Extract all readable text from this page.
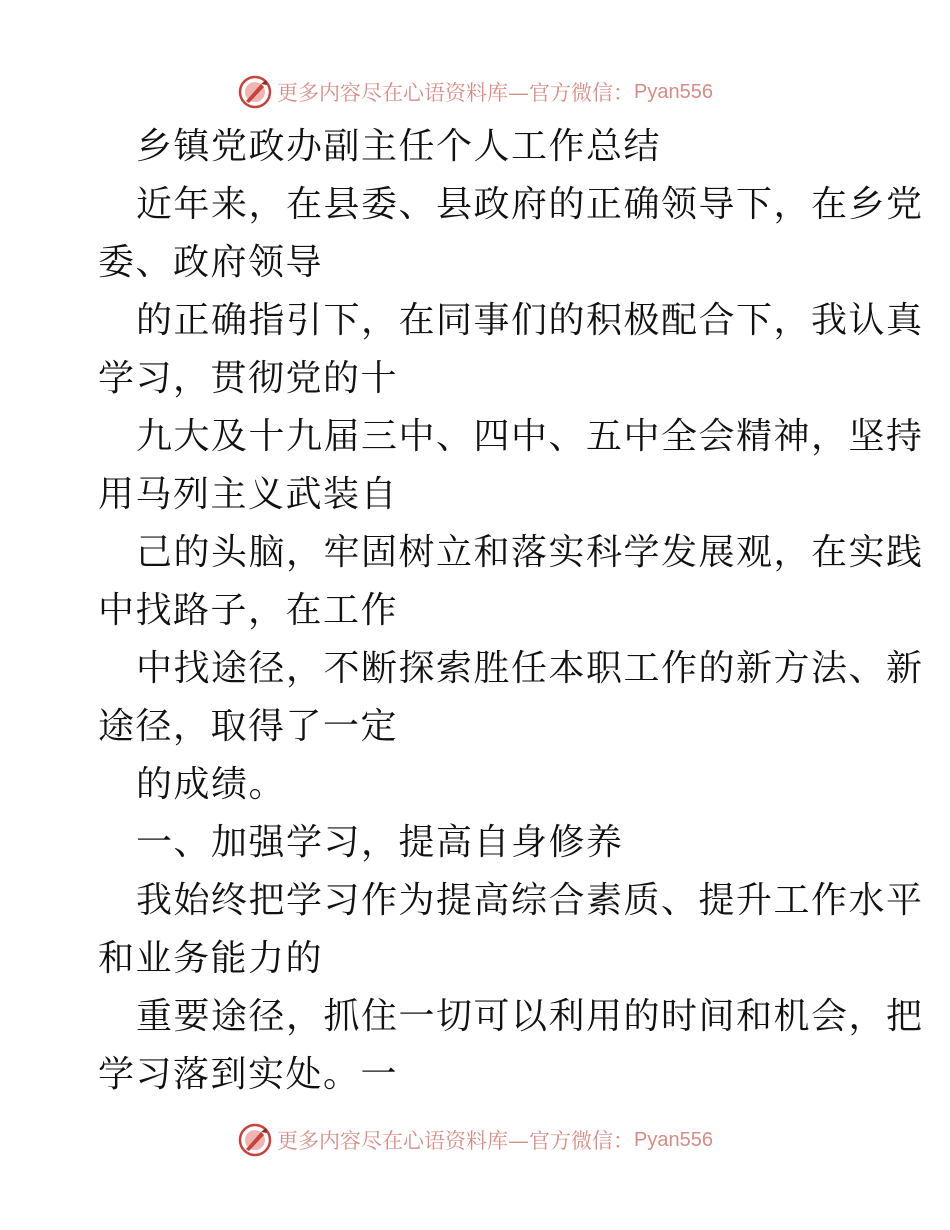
更多内容尽在心语资料库—官方微信： Pyan556
乡镇党政办副主任个人工作总结
近年来，在县委、县政府的正确领导下，在乡党
委、政府领导
的正确指引下，在同事们的积极配合下，我认真
学习，贯彻党的十
九大及十九届三中、四中、五中全会精神，坚持
用马列主义武装自
己的头脑，牢固树立和落实科学发展观，在实践
中找路子，在工作
中找途径，不断探索胜任本职工作的新方法、新
途径，取得了一定
的成绩。
一、加强学习，提高自身修养
我始终把学习作为提高综合素质、提升工作水平
和业务能力的
重要途径，抓住一切可以利用的时间和机会，把
学习落到实处。一
更多内容尽在心语资料库—官方微信： Pyan556
